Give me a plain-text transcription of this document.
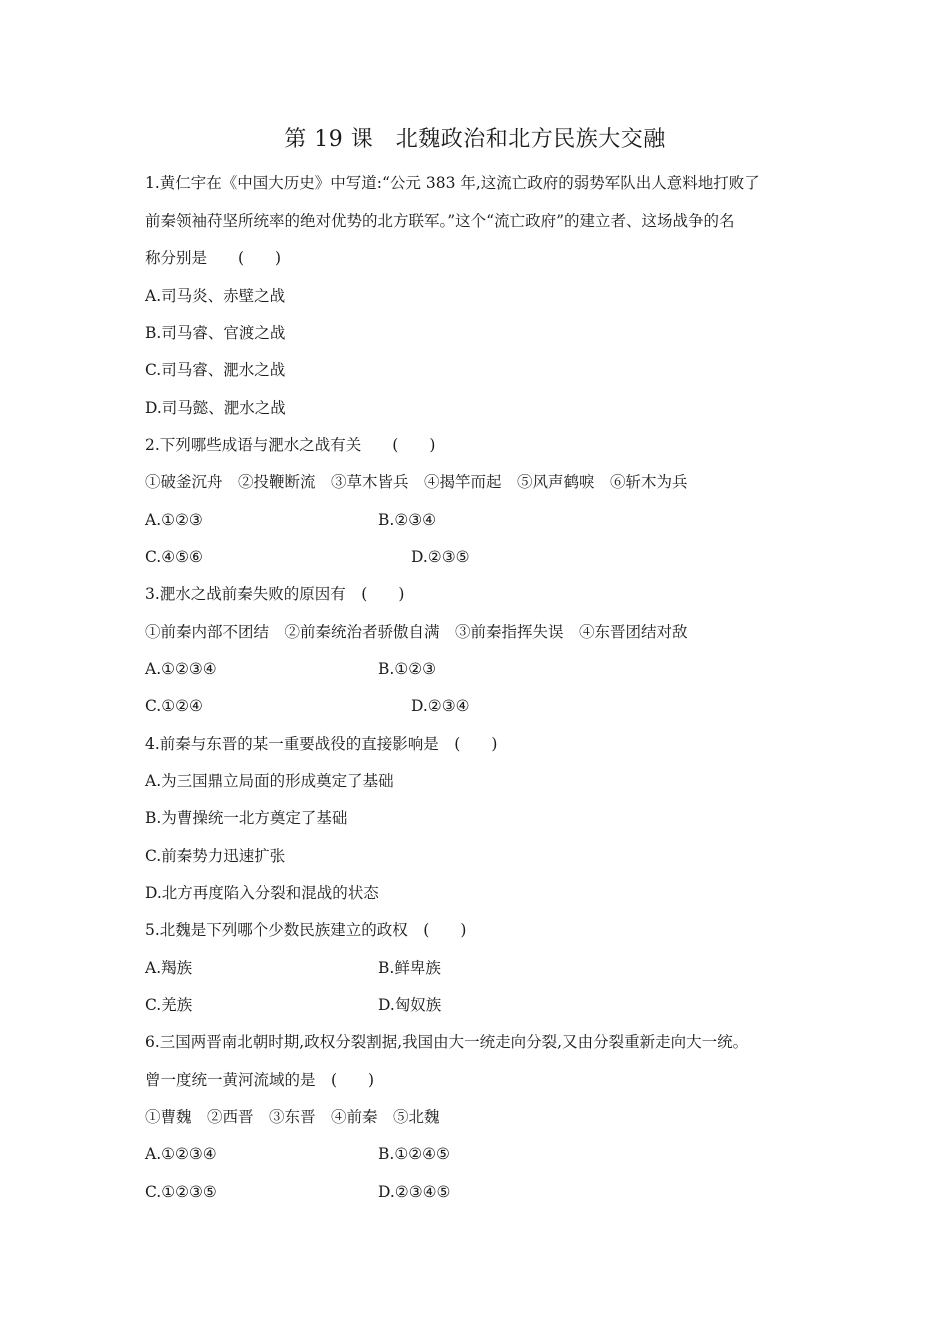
第 19 课　北魏政治和北方民族大交融
1.黄仁宇在《中国大历史》中写道:“公元 383 年,这流亡政府的弱势军队出人意料地打败了
前秦领袖苻坚所统率的绝对优势的北方联军。”这个“流亡政府”的建立者、这场战争的名
称分别是　　(　　)
A.司马炎、赤壁之战
B.司马睿、官渡之战
C.司马睿、淝水之战
D.司马懿、淝水之战
2.下列哪些成语与淝水之战有关　　(　　)
①破釜沉舟　②投鞭断流　③草木皆兵　④揭竿而起　⑤风声鹤唳　⑥斩木为兵
A.①②③	B.②③④
C.④⑤⑥	D.②③⑤
3.淝水之战前秦失败的原因有　(　　)
①前秦内部不团结　②前秦统治者骄傲自满　③前秦指挥失误　④东晋团结对敌
A.①②③④	B.①②③
C.①②④	D.②③④
4.前秦与东晋的某一重要战役的直接影响是　(　　)
A.为三国鼎立局面的形成奠定了基础
B.为曹操统一北方奠定了基础
C.前秦势力迅速扩张
D.北方再度陷入分裂和混战的状态
5.北魏是下列哪个少数民族建立的政权　(　　)
A.羯族	B.鲜卑族
C.羌族	D.匈奴族
6.三国两晋南北朝时期,政权分裂割据,我国由大一统走向分裂,又由分裂重新走向大一统。
曾一度统一黄河流域的是　(　　)
①曹魏　②西晋　③东晋　④前秦　⑤北魏
A.①②③④	B.①②④⑤
C.①②③⑤	D.②③④⑤
